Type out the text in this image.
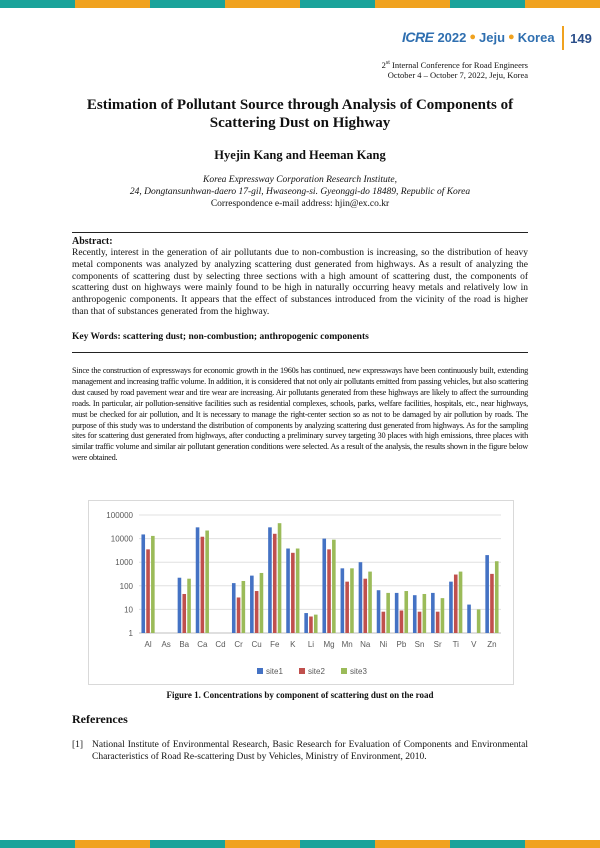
ICRE 2022 ● Jeju ● Korea	149
2st Internal Conference for Road Engineers
October 4 – October 7, 2022, Jeju, Korea
Estimation of Pollutant Source through Analysis of Components of Scattering Dust on Highway
Hyejin Kang and Heeman Kang
Korea Expressway Corporation Research Institute,
24, Dongtansunhwan-daero 17-gil, Hwaseong-si. Gyeonggi-do 18489, Republic of Korea
Correspondence e-mail address: hjin@ex.co.kr
Abstract:
Recently, interest in the generation of air pollutants due to non-combustion is increasing, so the distribution of heavy metal components was analyzed by analyzing scattering dust generated from highways. As a result of analyzing the components of scattering dust by selecting three sections with a high amount of scattering dust, the components of scattering dust on highways were mainly found to be high in naturally occurring heavy metals and relatively low in anthropogenic components. It appears that the effect of substances introduced from the vicinity of the road is higher than that of substances generated from the highway.
Key Words: scattering dust; non-combustion; anthropogenic components
Since the construction of expressways for economic growth in the 1960s has continued, new expressways have been continuously built, extending management and increasing traffic volume. In addition, it is considered that not only air pollutants emitted from passing vehicles, but also scattering dust caused by road pavement wear and tire wear are increasing. Air pollutants generated from these highways are likely to affect the surrounding roads. In particular, air pollution-sensitive facilities such as residential complexes, schools, parks, welfare facilities, hospitals, etc., near highways, must be checked for air pollution, and It is necessary to manage the right-center section so as not to be damaged by air pollution by roads. The purpose of this study was to understand the distribution of components by analyzing scattering dust generated from highways. As for the sampling sites for scattering dust generated from highways, after conducting a preliminary survey targeting 30 places with high emissions, three places with similar traffic volume and similar air pollutant generation conditions were selected. As a result of the analysis, the results shown in the figure below were obtained.
1
10
100
1000
10000
100000
Al As Ba Ca Cd Cr Cu Fe K Li Mg Mn Na Ni Pb Sn Sr Ti V Zn
site1	site2	site3
Figure 1. Concentrations by component of scattering dust on the road
References
[1] National Institute of Environmental Research, Basic Research for Evaluation of Components and Environmental Characteristics of Road Re-scattering Dust by Vehicles, Ministry of Environment, 2010.
